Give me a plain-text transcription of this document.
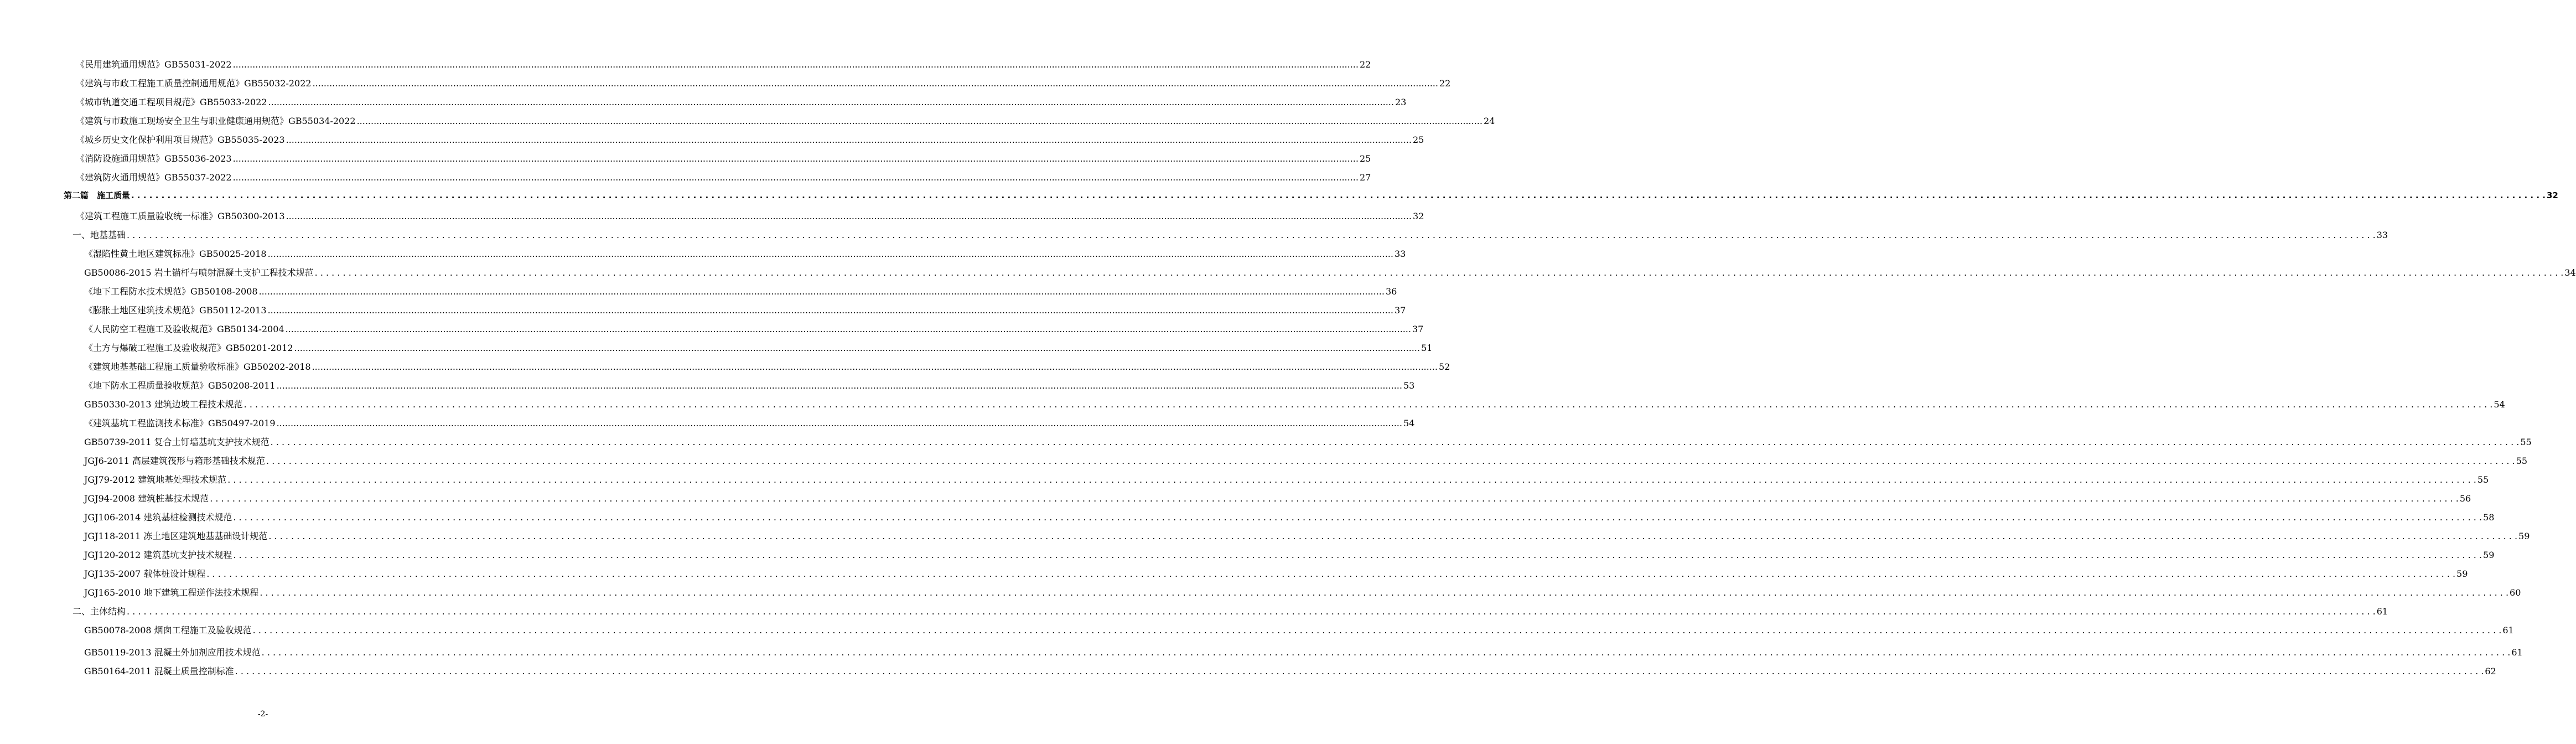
《民用建筑通用规范》GB55031-2022 ................................................................................................................................................................................................................................................................................................................................................................................................................ 22
《建筑与市政工程施工质量控制通用规范》GB55032-2022 ................................................................................................................................................................................................................................................................................................................................................................................................................ 22
《城市轨道交通工程项目规范》GB55033-2022 ................................................................................................................................................................................................................................................................................................................................................................................................................ 23
《建筑与市政施工现场安全卫生与职业健康通用规范》GB55034-2022 ................................................................................................................................................................................................................................................................................................................................................................................................................ 24
《城乡历史文化保护利用项目规范》GB55035-2023 ................................................................................................................................................................................................................................................................................................................................................................................................................ 25
《消防设施通用规范》GB55036-2023 ................................................................................................................................................................................................................................................................................................................................................................................................................ 25
《建筑防火通用规范》GB55037-2022 ................................................................................................................................................................................................................................................................................................................................................................................................................ 27
第二篇　施工质量 . . . . . . . . . . . . . . . . . . . . . . . . . . . . . . . . . . . . . . . . . . . . . . . . . . . . . . . . . . . . . . . . . . . . . . . . . . . . . . . . . . . . . . . . . . . . . . . . . . . . . . . . . . . . . . . . . . . . . . . . . . . . . . . . . . . . . . . . . . . . . . . . . . . . . . . . . . . . . . . . . . . . . . . . . . . . . . . . . . . . . . . . . . . . . . . . . . . . . . . . . . . . . . . . . . . . . . . . . . . . . . . . . . . . . . . . . . . . . . . . . . . . . . . . . . . . . . . . . . . . . . . . . . . . . . . . . . . . . . . . . . . . . . . . . . . . . . . . . . . . . . . . . . . . . . . . . . . . . . . . . . . . . . . . . . . . . . . . . . . . . . . . . . . . . . . . . . . . . . . . . . . . . . . . . . . . . . . . . . . . . . . . . . . . . . . . . . . . . . . . 32
《建筑工程施工质量验收统一标准》GB50300-2013 ................................................................................................................................................................................................................................................................................................................................................................................................................ 32
一、地基基础 . . . . . . . . . . . . . . . . . . . . . . . . . . . . . . . . . . . . . . . . . . . . . . . . . . . . . . . . . . . . . . . . . . . . . . . . . . . . . . . . . . . . . . . . . . . . . . . . . . . . . . . . . . . . . . . . . . . . . . . . . . . . . . . . . . . . . . . . . . . . . . . . . . . . . . . . . . . . . . . . . . . . . . . . . . . . . . . . . . . . . . . . . . . . . . . . . . . . . . . . . . . . . . . . . . . . . . . . . . . . . . . . . . . . . . . . . . . . . . . . . . . . . . . . . . . . . . . . . . . . . . . . . . . . . . . . . . . . . . . . . . . . . . . . . . . . . . . . . . . . . . . . . . . . . . . . . . . . . . . . . . . . . . . . . . . . . . . . . . . . . . . . . . . . . . . . . . . . . . . . . . . . . . . . . . . . . . . . . . . . . . . . . . . . . . . . . . . . . . . . 33
《湿陷性黄土地区建筑标准》GB50025-2018 ................................................................................................................................................................................................................................................................................................................................................................................................................ 33
GB50086-2015 岩土锚杆与喷射混凝土支护工程技术规范 . . . . . . . . . . . . . . . . . . . . . . . . . . . . . . . . . . . . . . . . . . . . . . . . . . . . . . . . . . . . . . . . . . . . . . . . . . . . . . . . . . . . . . . . . . . . . . . . . . . . . . . . . . . . . . . . . . . . . . . . . . . . . . . . . . . . . . . . . . . . . . . . . . . . . . . . . . . . . . . . . . . . . . . . . . . . . . . . . . . . . . . . . . . . . . . . . . . . . . . . . . . . . . . . . . . . . . . . . . . . . . . . . . . . . . . . . . . . . . . . . . . . . . . . . . . . . . . . . . . . . . . . . . . . . . . . . . . . . . . . . . . . . . . . . . . . . . . . . . . . . . . . . . . . . . . . . . . . . . . . . . . . . . . . . . . . . . . . . . . . . . . . . . . . . . . . . . . . . . . . . . . . . . . . . . . . . . . . . . . . . . . . . . . . . . . . . . . . . . . . 34
《地下工程防水技术规范》GB50108-2008 ................................................................................................................................................................................................................................................................................................................................................................................................................ 36
《膨胀土地区建筑技术规范》GB50112-2013 ................................................................................................................................................................................................................................................................................................................................................................................................................ 37
《人民防空工程施工及验收规范》GB50134-2004 ................................................................................................................................................................................................................................................................................................................................................................................................................ 37
《土方与爆破工程施工及验收规范》GB50201-2012 ................................................................................................................................................................................................................................................................................................................................................................................................................ 51
《建筑地基基础工程施工质量验收标准》GB50202-2018 ................................................................................................................................................................................................................................................................................................................................................................................................................ 52
《地下防水工程质量验收规范》GB50208-2011 ................................................................................................................................................................................................................................................................................................................................................................................................................ 53
GB50330-2013 建筑边坡工程技术规范 . . . . . . . . . . . . . . . . . . . . . . . . . . . . . . . . . . . . . . . . . . . . . . . . . . . . . . . . . . . . . . . . . . . . . . . . . . . . . . . . . . . . . . . . . . . . . . . . . . . . . . . . . . . . . . . . . . . . . . . . . . . . . . . . . . . . . . . . . . . . . . . . . . . . . . . . . . . . . . . . . . . . . . . . . . . . . . . . . . . . . . . . . . . . . . . . . . . . . . . . . . . . . . . . . . . . . . . . . . . . . . . . . . . . . . . . . . . . . . . . . . . . . . . . . . . . . . . . . . . . . . . . . . . . . . . . . . . . . . . . . . . . . . . . . . . . . . . . . . . . . . . . . . . . . . . . . . . . . . . . . . . . . . . . . . . . . . . . . . . . . . . . . . . . . . . . . . . . . . . . . . . . . . . . . . . . . . . . . . . . . . . . . . . . . . . . . . . . . . . . 54
《建筑基坑工程监测技术标准》GB50497-2019 ................................................................................................................................................................................................................................................................................................................................................................................................................ 54
GB50739-2011 复合土钉墙基坑支护技术规范 . . . . . . . . . . . . . . . . . . . . . . . . . . . . . . . . . . . . . . . . . . . . . . . . . . . . . . . . . . . . . . . . . . . . . . . . . . . . . . . . . . . . . . . . . . . . . . . . . . . . . . . . . . . . . . . . . . . . . . . . . . . . . . . . . . . . . . . . . . . . . . . . . . . . . . . . . . . . . . . . . . . . . . . . . . . . . . . . . . . . . . . . . . . . . . . . . . . . . . . . . . . . . . . . . . . . . . . . . . . . . . . . . . . . . . . . . . . . . . . . . . . . . . . . . . . . . . . . . . . . . . . . . . . . . . . . . . . . . . . . . . . . . . . . . . . . . . . . . . . . . . . . . . . . . . . . . . . . . . . . . . . . . . . . . . . . . . . . . . . . . . . . . . . . . . . . . . . . . . . . . . . . . . . . . . . . . . . . . . . . . . . . . . . . . . . . . . . . . . . . 55
JGJ6-2011 高层建筑筏形与箱形基础技术规范 . . . . . . . . . . . . . . . . . . . . . . . . . . . . . . . . . . . . . . . . . . . . . . . . . . . . . . . . . . . . . . . . . . . . . . . . . . . . . . . . . . . . . . . . . . . . . . . . . . . . . . . . . . . . . . . . . . . . . . . . . . . . . . . . . . . . . . . . . . . . . . . . . . . . . . . . . . . . . . . . . . . . . . . . . . . . . . . . . . . . . . . . . . . . . . . . . . . . . . . . . . . . . . . . . . . . . . . . . . . . . . . . . . . . . . . . . . . . . . . . . . . . . . . . . . . . . . . . . . . . . . . . . . . . . . . . . . . . . . . . . . . . . . . . . . . . . . . . . . . . . . . . . . . . . . . . . . . . . . . . . . . . . . . . . . . . . . . . . . . . . . . . . . . . . . . . . . . . . . . . . . . . . . . . . . . . . . . . . . . . . . . . . . . . . . . . . . . . . . . . 55
JGJ79-2012 建筑地基处理技术规范 . . . . . . . . . . . . . . . . . . . . . . . . . . . . . . . . . . . . . . . . . . . . . . . . . . . . . . . . . . . . . . . . . . . . . . . . . . . . . . . . . . . . . . . . . . . . . . . . . . . . . . . . . . . . . . . . . . . . . . . . . . . . . . . . . . . . . . . . . . . . . . . . . . . . . . . . . . . . . . . . . . . . . . . . . . . . . . . . . . . . . . . . . . . . . . . . . . . . . . . . . . . . . . . . . . . . . . . . . . . . . . . . . . . . . . . . . . . . . . . . . . . . . . . . . . . . . . . . . . . . . . . . . . . . . . . . . . . . . . . . . . . . . . . . . . . . . . . . . . . . . . . . . . . . . . . . . . . . . . . . . . . . . . . . . . . . . . . . . . . . . . . . . . . . . . . . . . . . . . . . . . . . . . . . . . . . . . . . . . . . . . . . . . . . . . . . . . . . . . . . 55
JGJ94-2008 建筑桩基技术规范 . . . . . . . . . . . . . . . . . . . . . . . . . . . . . . . . . . . . . . . . . . . . . . . . . . . . . . . . . . . . . . . . . . . . . . . . . . . . . . . . . . . . . . . . . . . . . . . . . . . . . . . . . . . . . . . . . . . . . . . . . . . . . . . . . . . . . . . . . . . . . . . . . . . . . . . . . . . . . . . . . . . . . . . . . . . . . . . . . . . . . . . . . . . . . . . . . . . . . . . . . . . . . . . . . . . . . . . . . . . . . . . . . . . . . . . . . . . . . . . . . . . . . . . . . . . . . . . . . . . . . . . . . . . . . . . . . . . . . . . . . . . . . . . . . . . . . . . . . . . . . . . . . . . . . . . . . . . . . . . . . . . . . . . . . . . . . . . . . . . . . . . . . . . . . . . . . . . . . . . . . . . . . . . . . . . . . . . . . . . . . . . . . . . . . . . . . . . . . . . . 56
JGJ106-2014 建筑基桩检测技术规范 . . . . . . . . . . . . . . . . . . . . . . . . . . . . . . . . . . . . . . . . . . . . . . . . . . . . . . . . . . . . . . . . . . . . . . . . . . . . . . . . . . . . . . . . . . . . . . . . . . . . . . . . . . . . . . . . . . . . . . . . . . . . . . . . . . . . . . . . . . . . . . . . . . . . . . . . . . . . . . . . . . . . . . . . . . . . . . . . . . . . . . . . . . . . . . . . . . . . . . . . . . . . . . . . . . . . . . . . . . . . . . . . . . . . . . . . . . . . . . . . . . . . . . . . . . . . . . . . . . . . . . . . . . . . . . . . . . . . . . . . . . . . . . . . . . . . . . . . . . . . . . . . . . . . . . . . . . . . . . . . . . . . . . . . . . . . . . . . . . . . . . . . . . . . . . . . . . . . . . . . . . . . . . . . . . . . . . . . . . . . . . . . . . . . . . . . . . . . . . . . 58
JGJ118-2011 冻土地区建筑地基基础设计规范 . . . . . . . . . . . . . . . . . . . . . . . . . . . . . . . . . . . . . . . . . . . . . . . . . . . . . . . . . . . . . . . . . . . . . . . . . . . . . . . . . . . . . . . . . . . . . . . . . . . . . . . . . . . . . . . . . . . . . . . . . . . . . . . . . . . . . . . . . . . . . . . . . . . . . . . . . . . . . . . . . . . . . . . . . . . . . . . . . . . . . . . . . . . . . . . . . . . . . . . . . . . . . . . . . . . . . . . . . . . . . . . . . . . . . . . . . . . . . . . . . . . . . . . . . . . . . . . . . . . . . . . . . . . . . . . . . . . . . . . . . . . . . . . . . . . . . . . . . . . . . . . . . . . . . . . . . . . . . . . . . . . . . . . . . . . . . . . . . . . . . . . . . . . . . . . . . . . . . . . . . . . . . . . . . . . . . . . . . . . . . . . . . . . . . . . . . . . . . . . . 59
JGJ120-2012 建筑基坑支护技术规程 . . . . . . . . . . . . . . . . . . . . . . . . . . . . . . . . . . . . . . . . . . . . . . . . . . . . . . . . . . . . . . . . . . . . . . . . . . . . . . . . . . . . . . . . . . . . . . . . . . . . . . . . . . . . . . . . . . . . . . . . . . . . . . . . . . . . . . . . . . . . . . . . . . . . . . . . . . . . . . . . . . . . . . . . . . . . . . . . . . . . . . . . . . . . . . . . . . . . . . . . . . . . . . . . . . . . . . . . . . . . . . . . . . . . . . . . . . . . . . . . . . . . . . . . . . . . . . . . . . . . . . . . . . . . . . . . . . . . . . . . . . . . . . . . . . . . . . . . . . . . . . . . . . . . . . . . . . . . . . . . . . . . . . . . . . . . . . . . . . . . . . . . . . . . . . . . . . . . . . . . . . . . . . . . . . . . . . . . . . . . . . . . . . . . . . . . . . . . . . . . 59
JGJ135-2007 载体桩设计规程 . . . . . . . . . . . . . . . . . . . . . . . . . . . . . . . . . . . . . . . . . . . . . . . . . . . . . . . . . . . . . . . . . . . . . . . . . . . . . . . . . . . . . . . . . . . . . . . . . . . . . . . . . . . . . . . . . . . . . . . . . . . . . . . . . . . . . . . . . . . . . . . . . . . . . . . . . . . . . . . . . . . . . . . . . . . . . . . . . . . . . . . . . . . . . . . . . . . . . . . . . . . . . . . . . . . . . . . . . . . . . . . . . . . . . . . . . . . . . . . . . . . . . . . . . . . . . . . . . . . . . . . . . . . . . . . . . . . . . . . . . . . . . . . . . . . . . . . . . . . . . . . . . . . . . . . . . . . . . . . . . . . . . . . . . . . . . . . . . . . . . . . . . . . . . . . . . . . . . . . . . . . . . . . . . . . . . . . . . . . . . . . . . . . . . . . . . . . . . . . . 59
JGJ165-2010 地下建筑工程逆作法技术规程 . . . . . . . . . . . . . . . . . . . . . . . . . . . . . . . . . . . . . . . . . . . . . . . . . . . . . . . . . . . . . . . . . . . . . . . . . . . . . . . . . . . . . . . . . . . . . . . . . . . . . . . . . . . . . . . . . . . . . . . . . . . . . . . . . . . . . . . . . . . . . . . . . . . . . . . . . . . . . . . . . . . . . . . . . . . . . . . . . . . . . . . . . . . . . . . . . . . . . . . . . . . . . . . . . . . . . . . . . . . . . . . . . . . . . . . . . . . . . . . . . . . . . . . . . . . . . . . . . . . . . . . . . . . . . . . . . . . . . . . . . . . . . . . . . . . . . . . . . . . . . . . . . . . . . . . . . . . . . . . . . . . . . . . . . . . . . . . . . . . . . . . . . . . . . . . . . . . . . . . . . . . . . . . . . . . . . . . . . . . . . . . . . . . . . . . . . . . . . . . . 60
二、主体结构 . . . . . . . . . . . . . . . . . . . . . . . . . . . . . . . . . . . . . . . . . . . . . . . . . . . . . . . . . . . . . . . . . . . . . . . . . . . . . . . . . . . . . . . . . . . . . . . . . . . . . . . . . . . . . . . . . . . . . . . . . . . . . . . . . . . . . . . . . . . . . . . . . . . . . . . . . . . . . . . . . . . . . . . . . . . . . . . . . . . . . . . . . . . . . . . . . . . . . . . . . . . . . . . . . . . . . . . . . . . . . . . . . . . . . . . . . . . . . . . . . . . . . . . . . . . . . . . . . . . . . . . . . . . . . . . . . . . . . . . . . . . . . . . . . . . . . . . . . . . . . . . . . . . . . . . . . . . . . . . . . . . . . . . . . . . . . . . . . . . . . . . . . . . . . . . . . . . . . . . . . . . . . . . . . . . . . . . . . . . . . . . . . . . . . . . . . . . . . . . . 61
GB50078-2008 烟囱工程施工及验收规范 . . . . . . . . . . . . . . . . . . . . . . . . . . . . . . . . . . . . . . . . . . . . . . . . . . . . . . . . . . . . . . . . . . . . . . . . . . . . . . . . . . . . . . . . . . . . . . . . . . . . . . . . . . . . . . . . . . . . . . . . . . . . . . . . . . . . . . . . . . . . . . . . . . . . . . . . . . . . . . . . . . . . . . . . . . . . . . . . . . . . . . . . . . . . . . . . . . . . . . . . . . . . . . . . . . . . . . . . . . . . . . . . . . . . . . . . . . . . . . . . . . . . . . . . . . . . . . . . . . . . . . . . . . . . . . . . . . . . . . . . . . . . . . . . . . . . . . . . . . . . . . . . . . . . . . . . . . . . . . . . . . . . . . . . . . . . . . . . . . . . . . . . . . . . . . . . . . . . . . . . . . . . . . . . . . . . . . . . . . . . . . . . . . . . . . . . . . . . . . . . 61
GB50119-2013 混凝土外加剂应用技术规范 . . . . . . . . . . . . . . . . . . . . . . . . . . . . . . . . . . . . . . . . . . . . . . . . . . . . . . . . . . . . . . . . . . . . . . . . . . . . . . . . . . . . . . . . . . . . . . . . . . . . . . . . . . . . . . . . . . . . . . . . . . . . . . . . . . . . . . . . . . . . . . . . . . . . . . . . . . . . . . . . . . . . . . . . . . . . . . . . . . . . . . . . . . . . . . . . . . . . . . . . . . . . . . . . . . . . . . . . . . . . . . . . . . . . . . . . . . . . . . . . . . . . . . . . . . . . . . . . . . . . . . . . . . . . . . . . . . . . . . . . . . . . . . . . . . . . . . . . . . . . . . . . . . . . . . . . . . . . . . . . . . . . . . . . . . . . . . . . . . . . . . . . . . . . . . . . . . . . . . . . . . . . . . . . . . . . . . . . . . . . . . . . . . . . . . . . . . . . . . . . 61
GB50164-2011 混凝土质量控制标准 . . . . . . . . . . . . . . . . . . . . . . . . . . . . . . . . . . . . . . . . . . . . . . . . . . . . . . . . . . . . . . . . . . . . . . . . . . . . . . . . . . . . . . . . . . . . . . . . . . . . . . . . . . . . . . . . . . . . . . . . . . . . . . . . . . . . . . . . . . . . . . . . . . . . . . . . . . . . . . . . . . . . . . . . . . . . . . . . . . . . . . . . . . . . . . . . . . . . . . . . . . . . . . . . . . . . . . . . . . . . . . . . . . . . . . . . . . . . . . . . . . . . . . . . . . . . . . . . . . . . . . . . . . . . . . . . . . . . . . . . . . . . . . . . . . . . . . . . . . . . . . . . . . . . . . . . . . . . . . . . . . . . . . . . . . . . . . . . . . . . . . . . . . . . . . . . . . . . . . . . . . . . . . . . . . . . . . . . . . . . . . . . . . . . . . . . . . . . . . . . 62
-2-
